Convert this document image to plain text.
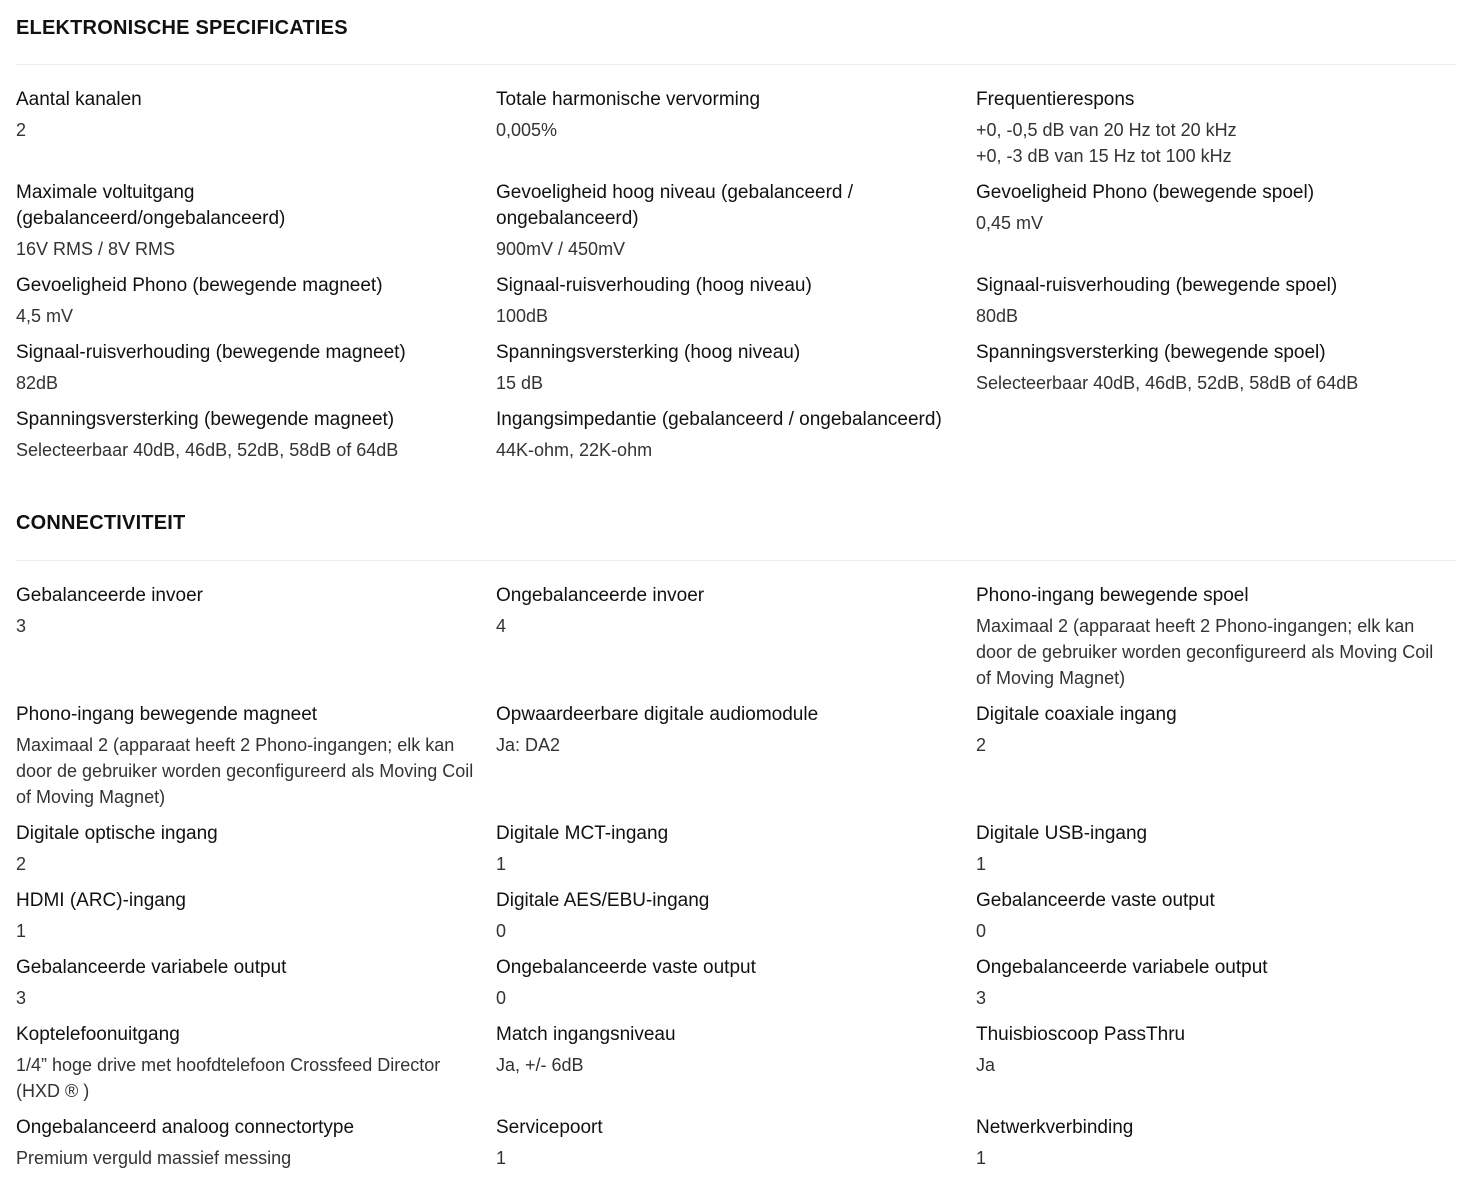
ELEKTRONISCHE SPECIFICATIES
Aantal kanalen
2
Totale harmonische vervorming
0,005%
Frequentierespons
+0, -0,5 dB van 20 Hz tot 20 kHz
+0, -3 dB van 15 Hz tot 100 kHz
Maximale voltuitgang (gebalanceerd/ongebalanceerd)
16V RMS / 8V RMS
Gevoeligheid hoog niveau (gebalanceerd / ongebalanceerd)
900mV / 450mV
Gevoeligheid Phono (bewegende spoel)
0,45 mV
Gevoeligheid Phono (bewegende magneet)
4,5 mV
Signaal-ruisverhouding (hoog niveau)
100dB
Signaal-ruisverhouding (bewegende spoel)
80dB
Signaal-ruisverhouding (bewegende magneet)
82dB
Spanningsversterking (hoog niveau)
15 dB
Spanningsversterking (bewegende spoel)
Selecteerbaar 40dB, 46dB, 52dB, 58dB of 64dB
Spanningsversterking (bewegende magneet)
Selecteerbaar 40dB, 46dB, 52dB, 58dB of 64dB
Ingangsimpedantie (gebalanceerd / ongebalanceerd)
44K-ohm, 22K-ohm
CONNECTIVITEIT
Gebalanceerde invoer
3
Ongebalanceerde invoer
4
Phono-ingang bewegende spoel
Maximaal 2 (apparaat heeft 2 Phono-ingangen; elk kan door de gebruiker worden geconfigureerd als Moving Coil of Moving Magnet)
Phono-ingang bewegende magneet
Maximaal 2 (apparaat heeft 2 Phono-ingangen; elk kan door de gebruiker worden geconfigureerd als Moving Coil of Moving Magnet)
Opwaardeerbare digitale audiomodule
Ja: DA2
Digitale coaxiale ingang
2
Digitale optische ingang
2
Digitale MCT-ingang
1
Digitale USB-ingang
1
HDMI (ARC)-ingang
1
Digitale AES/EBU-ingang
0
Gebalanceerde vaste output
0
Gebalanceerde variabele output
3
Ongebalanceerde vaste output
0
Ongebalanceerde variabele output
3
Koptelefoonuitgang
1/4” hoge drive met hoofdtelefoon Crossfeed Director (HXD ® )
Match ingangsniveau
Ja, +/- 6dB
Thuisbioscoop PassThru
Ja
Ongebalanceerd analoog connectortype
Premium verguld massief messing
Servicepoort
1
Netwerkverbinding
1
